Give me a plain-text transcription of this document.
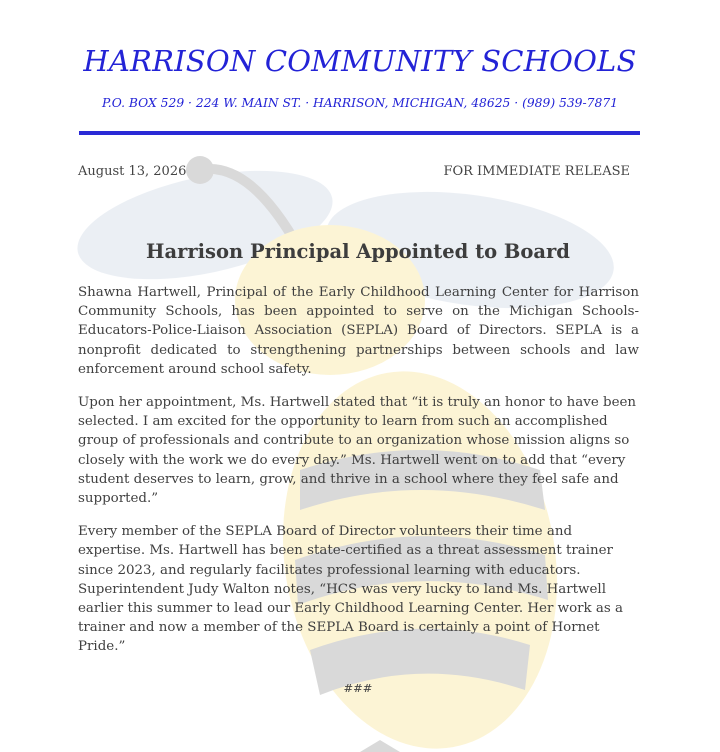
HARRISON COMMUNITY SCHOOLS
P.O. BOX 529 · 224 W. MAIN ST. · HARRISON, MICHIGAN, 48625 · (989) 539-7871
August 13, 2026	FOR IMMEDIATE RELEASE
Harrison Principal Appointed to Board

Shawna Hartwell, Principal of the Early Childhood Learning Center for Harrison Community Schools, has been appointed to serve on the Michigan Schools-Educators-Police-Liaison Association (SEPLA) Board of Directors. SEPLA is a nonprofit dedicated to strengthening partnerships between schools and law enforcement around school safety.

Upon her appointment, Ms. Hartwell stated that “it is truly an honor to have been selected. I am excited for the opportunity to learn from such an accomplished group of professionals and contribute to an organization whose mission aligns so closely with the work we do every day.” Ms. Hartwell went on to add that “every student deserves to learn, grow, and thrive in a school where they feel safe and supported.”

Every member of the SEPLA Board of Director volunteers their time and expertise. Ms. Hartwell has been state-certified as a threat assessment trainer since 2023, and regularly facilitates professional learning with educators. Superintendent Judy Walton notes, “HCS was very lucky to land Ms. Hartwell earlier this summer to lead our Early Childhood Learning Center. Her work as a trainer and now a member of the SEPLA Board is certainly a point of Hornet Pride.”

###
